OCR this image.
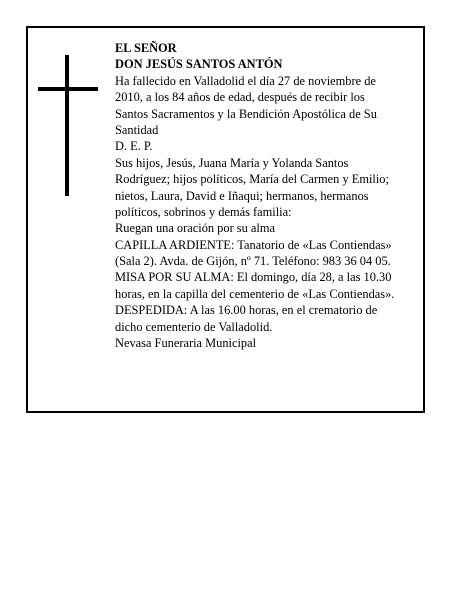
EL SEÑOR
DON JESÚS SANTOS ANTÓN
Ha fallecido en Valladolid el día 27 de noviembre de
2010, a los 84 años de edad, después de recibir los
Santos Sacramentos y la Bendición Apostólica de Su
Santidad
D. E. P.
Sus hijos, Jesús, Juana María y Yolanda Santos
Rodríguez; hijos políticos, María del Carmen y Emilio;
nietos, Laura, David e Iñaqui; hermanos, hermanos
políticos, sobrinos y demás familia:
Ruegan una oración por su alma
CAPILLA ARDIENTE: Tanatorio de «Las Contiendas»
(Sala 2). Avda. de Gijón, nº 71. Teléfono: 983 36 04 05.
MISA POR SU ALMA: El domingo, día 28, a las 10.30
horas, en la capilla del cementerio de «Las Contiendas».
DESPEDIDA: A las 16.00 horas, en el crematorio de
dicho cementerio de Valladolid.
Nevasa Funeraria Municipal
